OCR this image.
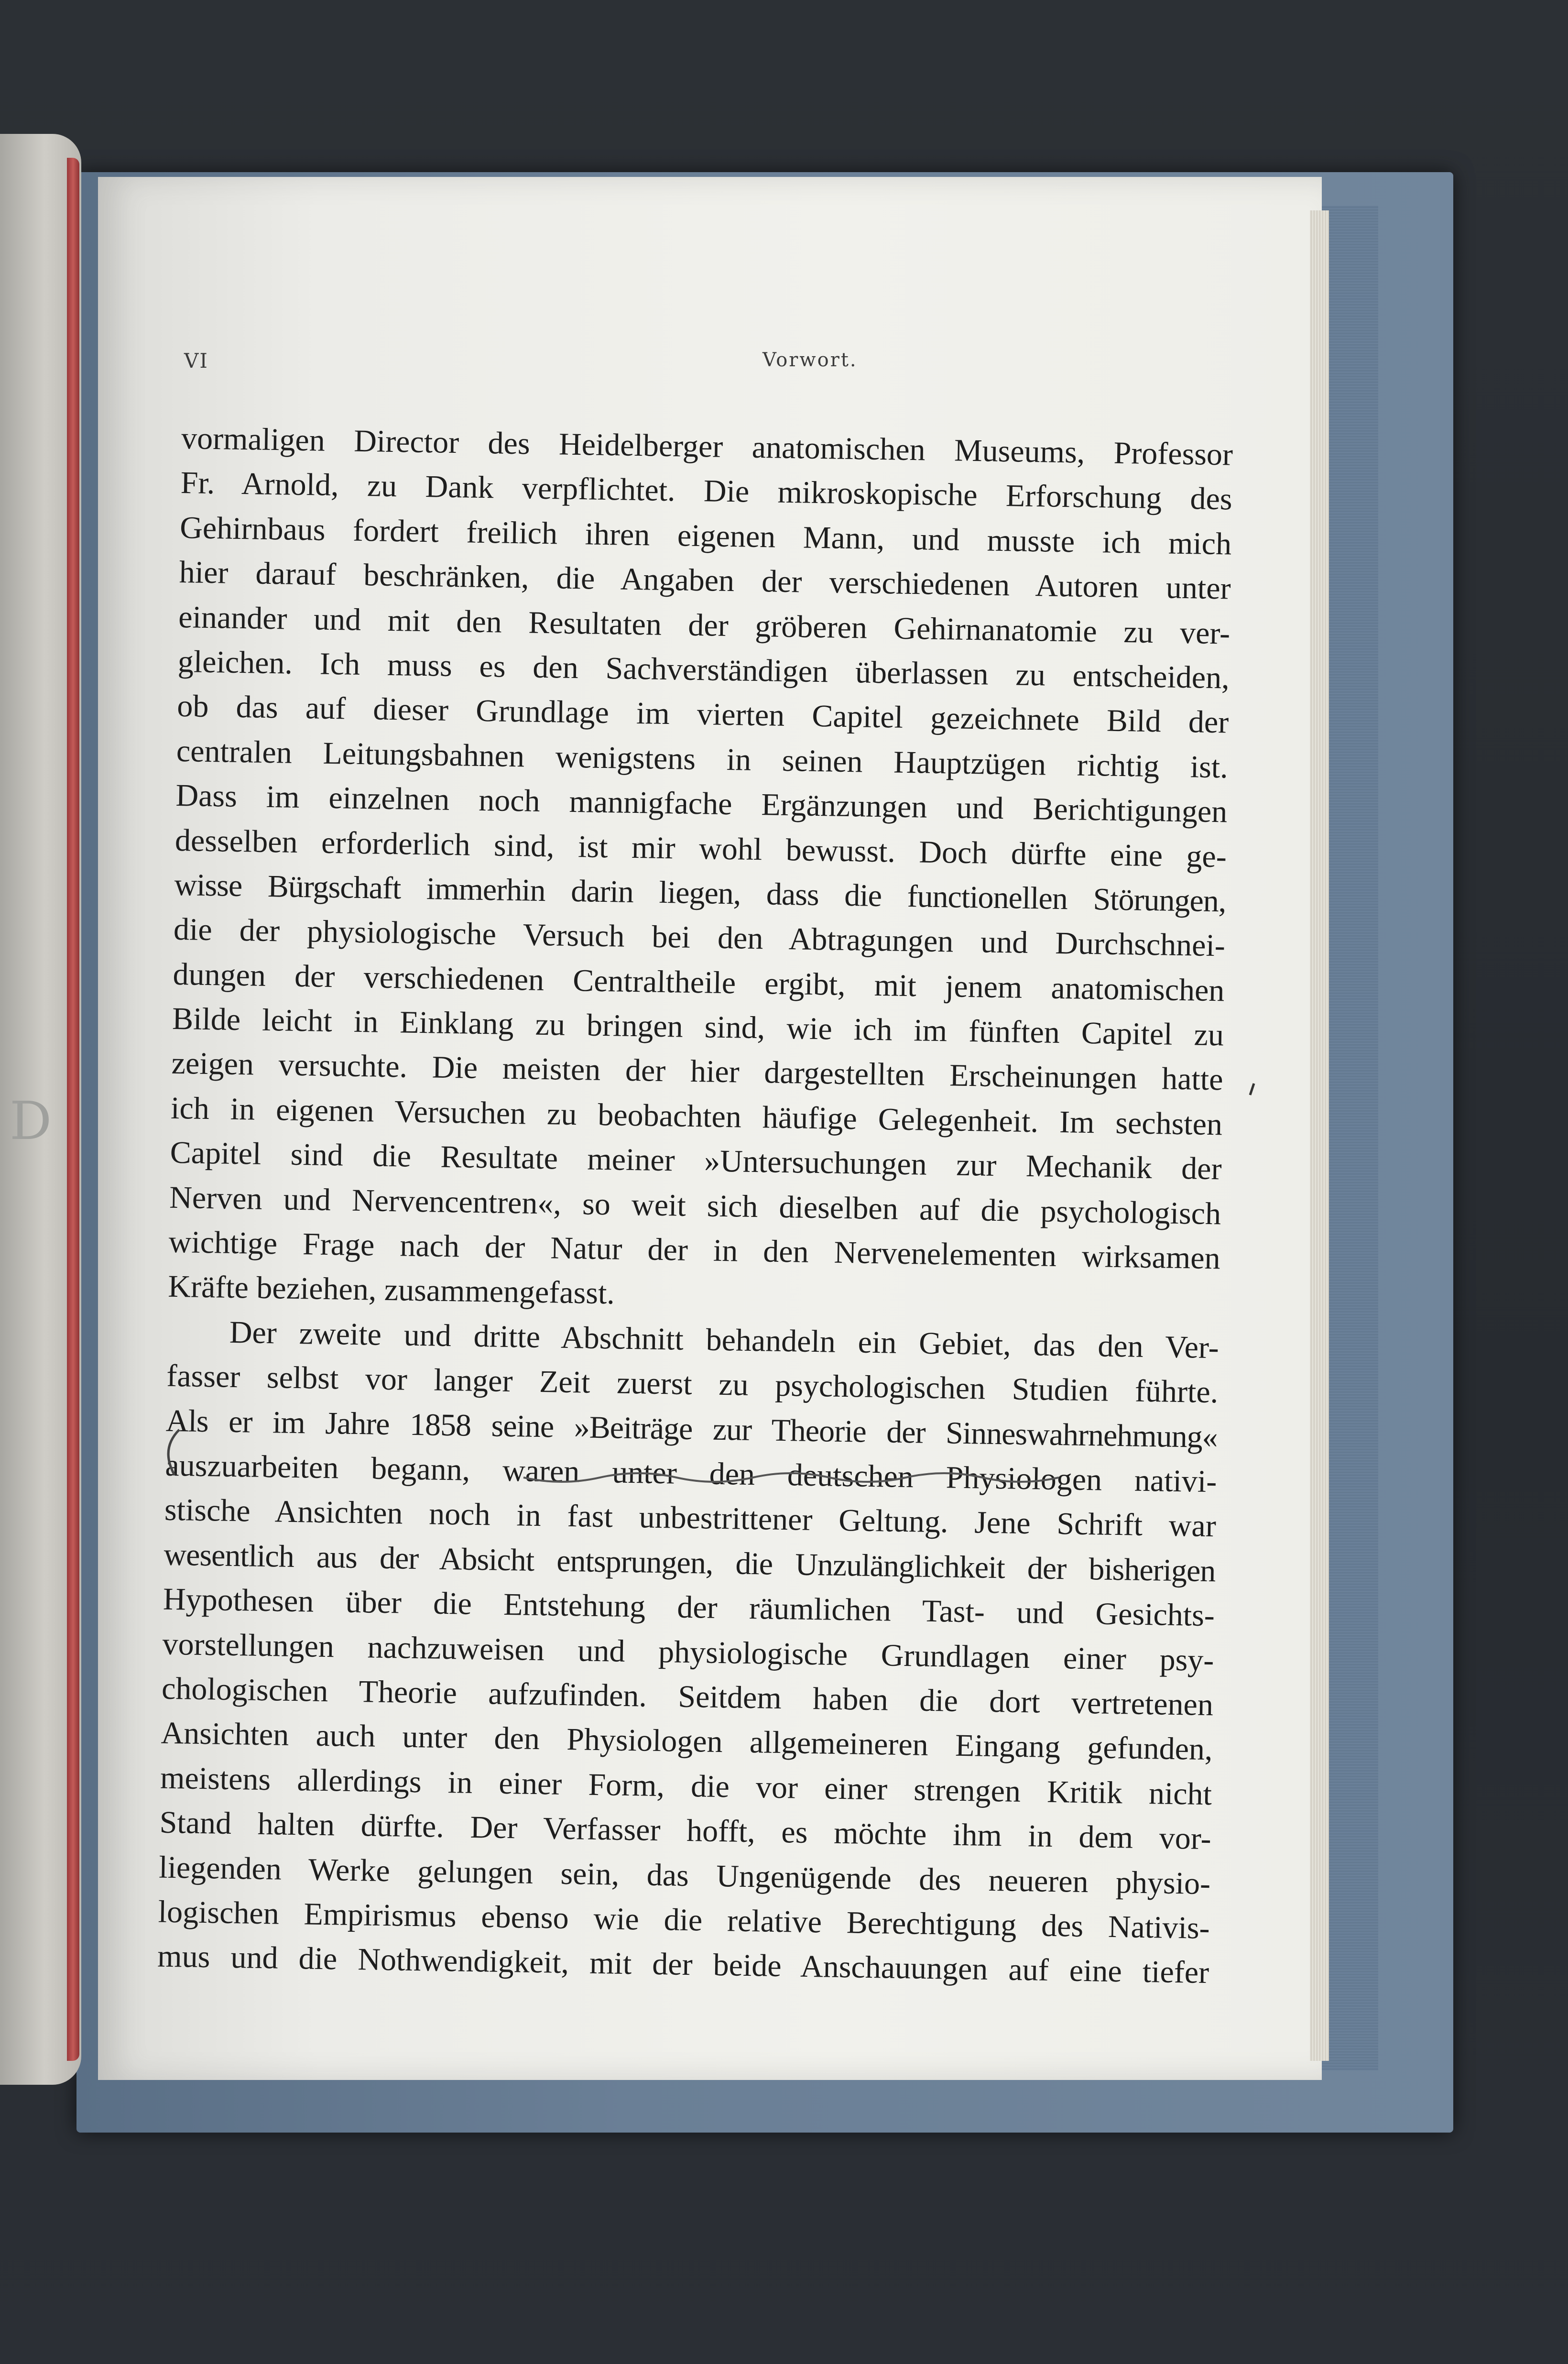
D
VI	Vorwort.
vormaligen Director des Heidelberger anatomischen Museums, Professor
Fr. Arnold, zu Dank verpflichtet. Die mikroskopische Erforschung des
Gehirnbaus fordert freilich ihren eigenen Mann, und musste ich mich
hier darauf beschränken, die Angaben der verschiedenen Autoren unter
einander und mit den Resultaten der gröberen Gehirnanatomie zu ver-
gleichen. Ich muss es den Sachverständigen überlassen zu entscheiden,
ob das auf dieser Grundlage im vierten Capitel gezeichnete Bild der
centralen Leitungsbahnen wenigstens in seinen Hauptzügen richtig ist.
Dass im einzelnen noch mannigfache Ergänzungen und Berichtigungen
desselben erforderlich sind, ist mir wohl bewusst. Doch dürfte eine ge-
wisse Bürgschaft immerhin darin liegen, dass die functionellen Störungen,
die der physiologische Versuch bei den Abtragungen und Durchschnei-
dungen der verschiedenen Centraltheile ergibt, mit jenem anatomischen
Bilde leicht in Einklang zu bringen sind, wie ich im fünften Capitel zu
zeigen versuchte. Die meisten der hier dargestellten Erscheinungen hatte
ich in eigenen Versuchen zu beobachten häufige Gelegenheit. Im sechsten
Capitel sind die Resultate meiner »Untersuchungen zur Mechanik der
Nerven und Nervencentren«, so weit sich dieselben auf die psychologisch
wichtige Frage nach der Natur der in den Nervenelementen wirksamen
Kräfte beziehen, zusammengefasst.
Der zweite und dritte Abschnitt behandeln ein Gebiet, das den Ver-
fasser selbst vor langer Zeit zuerst zu psychologischen Studien führte.
Als er im Jahre 1858 seine »Beiträge zur Theorie der Sinneswahrnehmung«
auszuarbeiten begann, waren unter den deutschen Physiologen nativi-
stische Ansichten noch in fast unbestrittener Geltung. Jene Schrift war
wesentlich aus der Absicht entsprungen, die Unzulänglichkeit der bisherigen
Hypothesen über die Entstehung der räumlichen Tast- und Gesichts-
vorstellungen nachzuweisen und physiologische Grundlagen einer psy-
chologischen Theorie aufzufinden. Seitdem haben die dort vertretenen
Ansichten auch unter den Physiologen allgemeineren Eingang gefunden,
meistens allerdings in einer Form, die vor einer strengen Kritik nicht
Stand halten dürfte. Der Verfasser hofft, es möchte ihm in dem vor-
liegenden Werke gelungen sein, das Ungenügende des neueren physio-
logischen Empirismus ebenso wie die relative Berechtigung des Nativis-
mus und die Nothwendigkeit, mit der beide Anschauungen auf eine tiefer
